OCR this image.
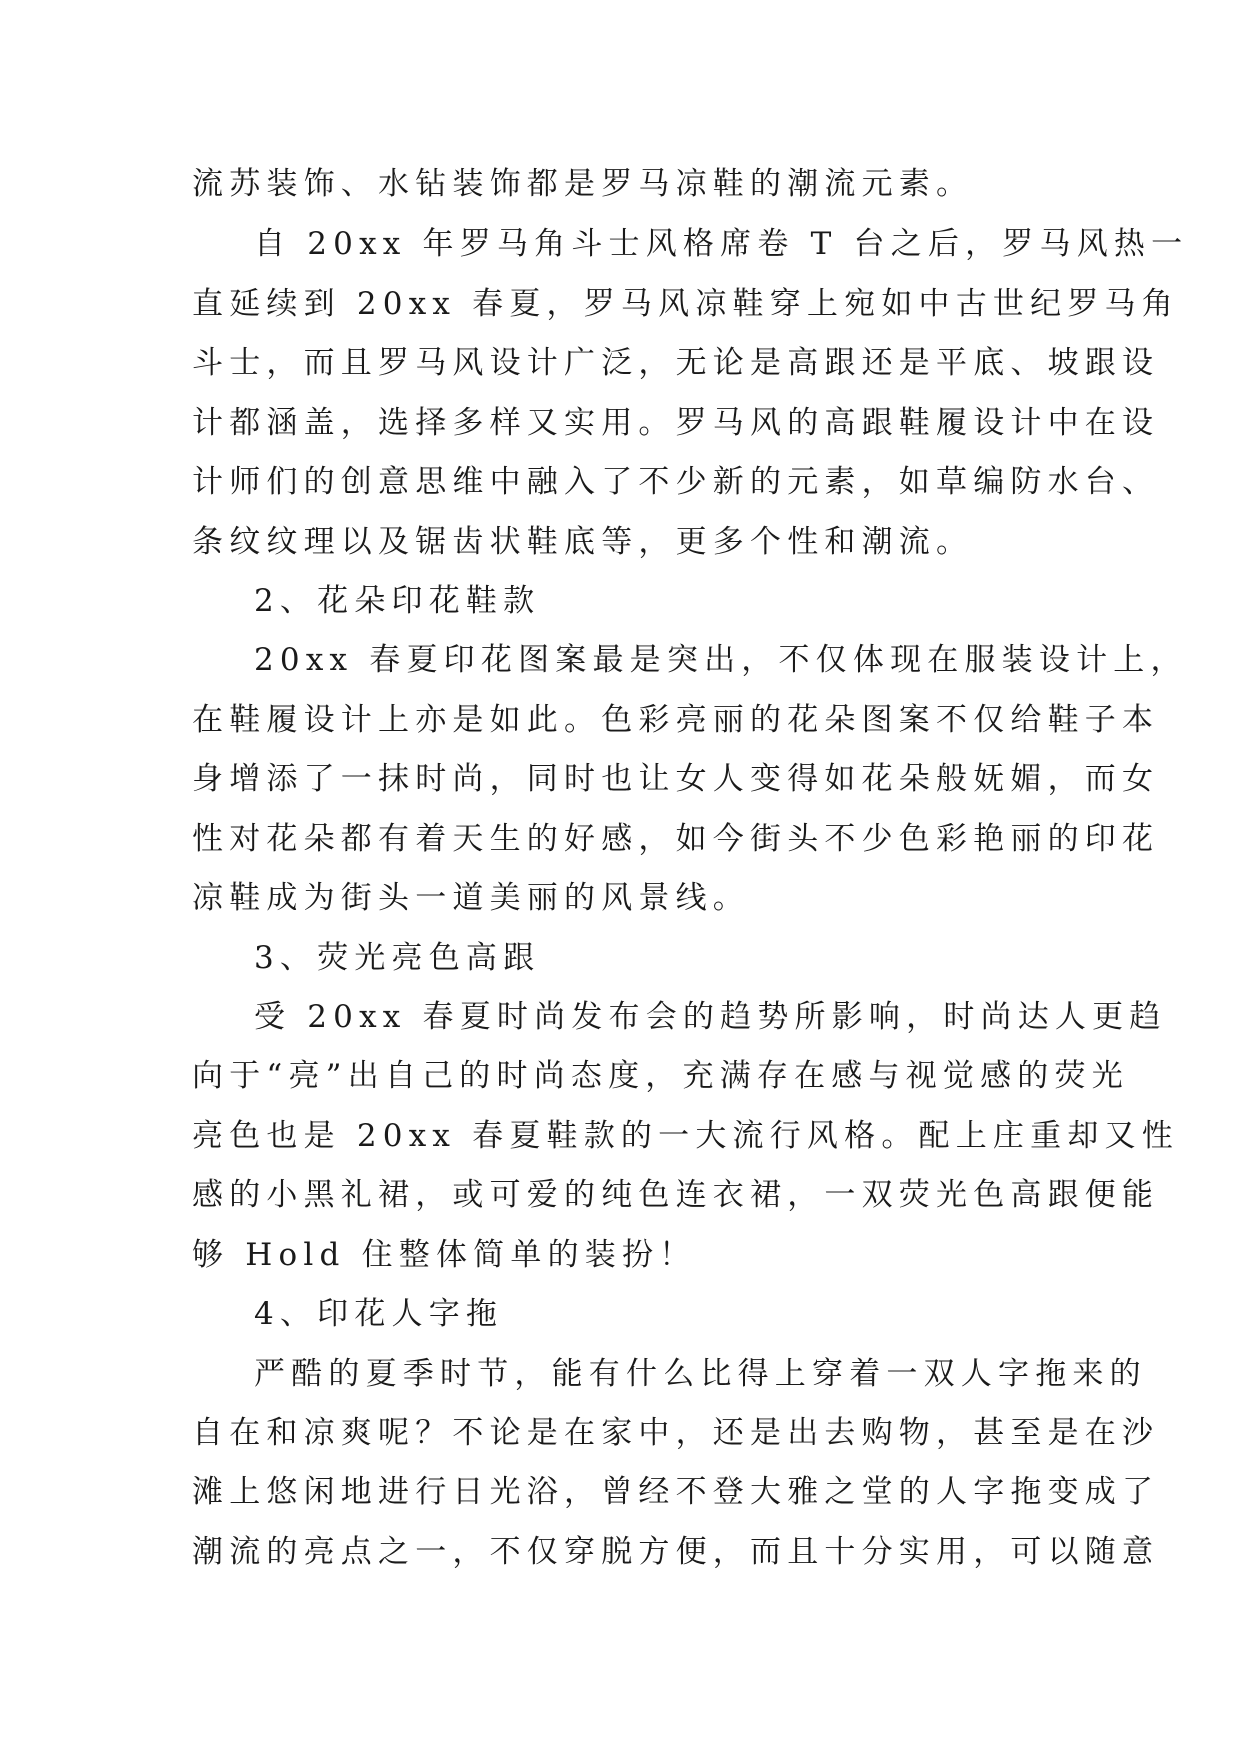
流苏装饰、水钻装饰都是罗马凉鞋的潮流元素。
自 20xx 年罗马角斗士风格席卷 T 台之后，罗马风热一
直延续到 20xx 春夏，罗马风凉鞋穿上宛如中古世纪罗马角
斗士，而且罗马风设计广泛，无论是高跟还是平底、坡跟设
计都涵盖，选择多样又实用。罗马风的高跟鞋履设计中在设
计师们的创意思维中融入了不少新的元素，如草编防水台、
条纹纹理以及锯齿状鞋底等，更多个性和潮流。
2、花朵印花鞋款
20xx 春夏印花图案最是突出，不仅体现在服装设计上，
在鞋履设计上亦是如此。色彩亮丽的花朵图案不仅给鞋子本
身增添了一抹时尚，同时也让女人变得如花朵般妩媚，而女
性对花朵都有着天生的好感，如今街头不少色彩艳丽的印花
凉鞋成为街头一道美丽的风景线。
3、荧光亮色高跟
受 20xx 春夏时尚发布会的趋势所影响，时尚达人更趋
向于“亮”出自己的时尚态度，充满存在感与视觉感的荧光
亮色也是 20xx 春夏鞋款的一大流行风格。配上庄重却又性
感的小黑礼裙，或可爱的纯色连衣裙，一双荧光色高跟便能
够 Hold 住整体简单的装扮！
4、印花人字拖
严酷的夏季时节，能有什么比得上穿着一双人字拖来的
自在和凉爽呢？不论是在家中，还是出去购物，甚至是在沙
滩上悠闲地进行日光浴，曾经不登大雅之堂的人字拖变成了
潮流的亮点之一，不仅穿脱方便，而且十分实用，可以随意
